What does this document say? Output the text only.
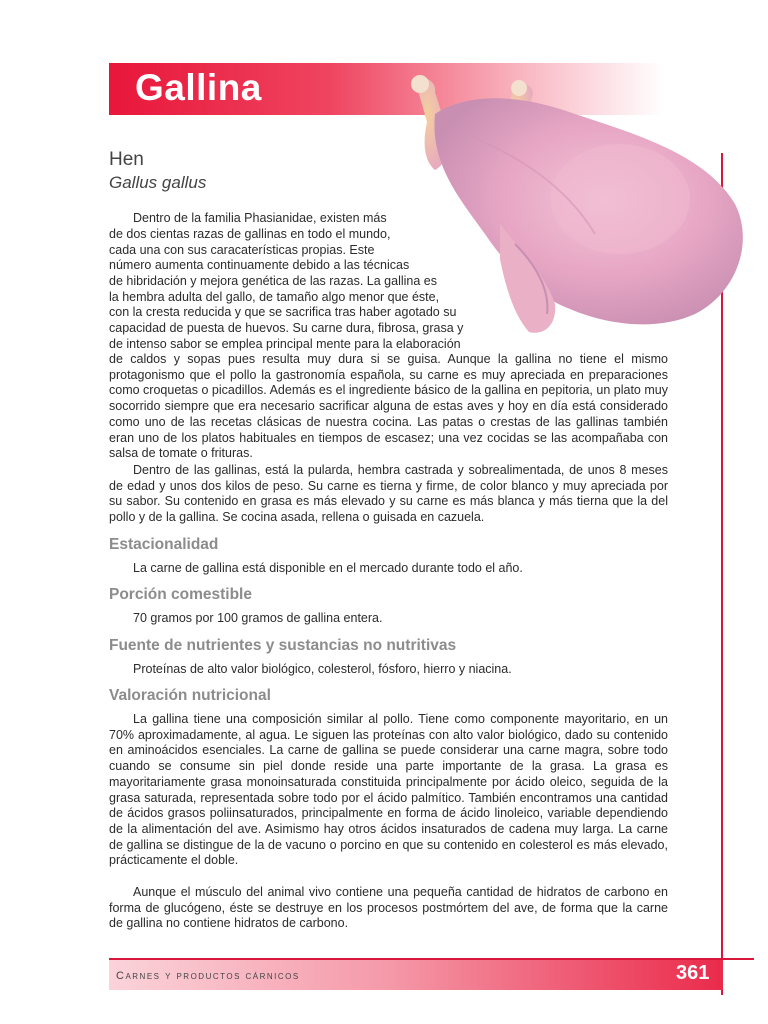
Gallina

Hen

Gallus gallus

Dentro de la familia Phasianidae, existen más

de dos cientas razas de gallinas en todo el mundo,

cada una con sus caracaterísticas propias. Este

número aumenta continuamente debido a las técnicas

de hibridación y mejora genética de las razas. La gallina es

la hembra adulta del gallo, de tamaño algo menor que éste,

con la cresta reducida y que se sacrifica tras haber agotado su

capacidad de puesta de huevos. Su carne dura, fibrosa, grasa y

de intenso sabor se emplea principal mente para la elaboración

de caldos y sopas pues resulta muy dura si se guisa. Aunque la gallina no tiene el mismo protagonismo que el pollo la gastronomía española, su carne es muy apreciada en preparaciones como croquetas o picadillos. Además es el ingrediente básico de la gallina en pepitoria, un plato muy socorrido siempre que era necesario sacrificar alguna de estas aves y hoy en día está considerado como uno de las recetas clásicas de nuestra cocina. Las patas o crestas de las gallinas también eran uno de los platos habituales en tiempos de escasez; una vez cocidas se las acompañaba con salsa de tomate o frituras.

Dentro de las gallinas, está la pularda, hembra castrada y sobrealimentada, de unos 8 meses de edad y unos dos kilos de peso. Su carne es tierna y firme, de color blanco y muy apreciada por su sabor. Su contenido en grasa es más elevado y su carne es más blanca y más tierna que la del pollo y de la gallina. Se cocina asada, rellena o guisada en cazuela.

Estacionalidad

La carne de gallina está disponible en el mercado durante todo el año.

Porción comestible

70 gramos por 100 gramos de gallina entera.

Fuente de nutrientes y sustancias no nutritivas

Proteínas de alto valor biológico, colesterol, fósforo, hierro y niacina.

Valoración nutricional

La gallina tiene una composición similar al pollo. Tiene como componente mayoritario, en un 70% aproximadamente, al agua. Le siguen las proteínas con alto valor biológico, dado su contenido en aminoácidos esenciales. La carne de gallina se puede considerar una carne magra, sobre todo cuando se consume sin piel donde reside una parte importante de la grasa. La grasa es mayoritariamente grasa monoinsaturada constituida principalmente por ácido oleico, seguida de la grasa saturada, representada sobre todo por el ácido palmítico. También encontramos una cantidad de ácidos grasos poliinsaturados, principalmente en forma de ácido linoleico, variable dependiendo de la alimentación del ave. Asimismo hay otros ácidos insaturados de cadena muy larga. La carne de gallina se distingue de la de vacuno o porcino en que su contenido en colesterol es más elevado, prácticamente el doble.

Aunque el músculo del animal vivo contiene una pequeña cantidad de hidratos de carbono en forma de glucógeno, éste se destruye en los procesos postmórtem del ave, de forma que la carne de gallina no contiene hidratos de carbono.

Carnes y productos cárnicos	361
